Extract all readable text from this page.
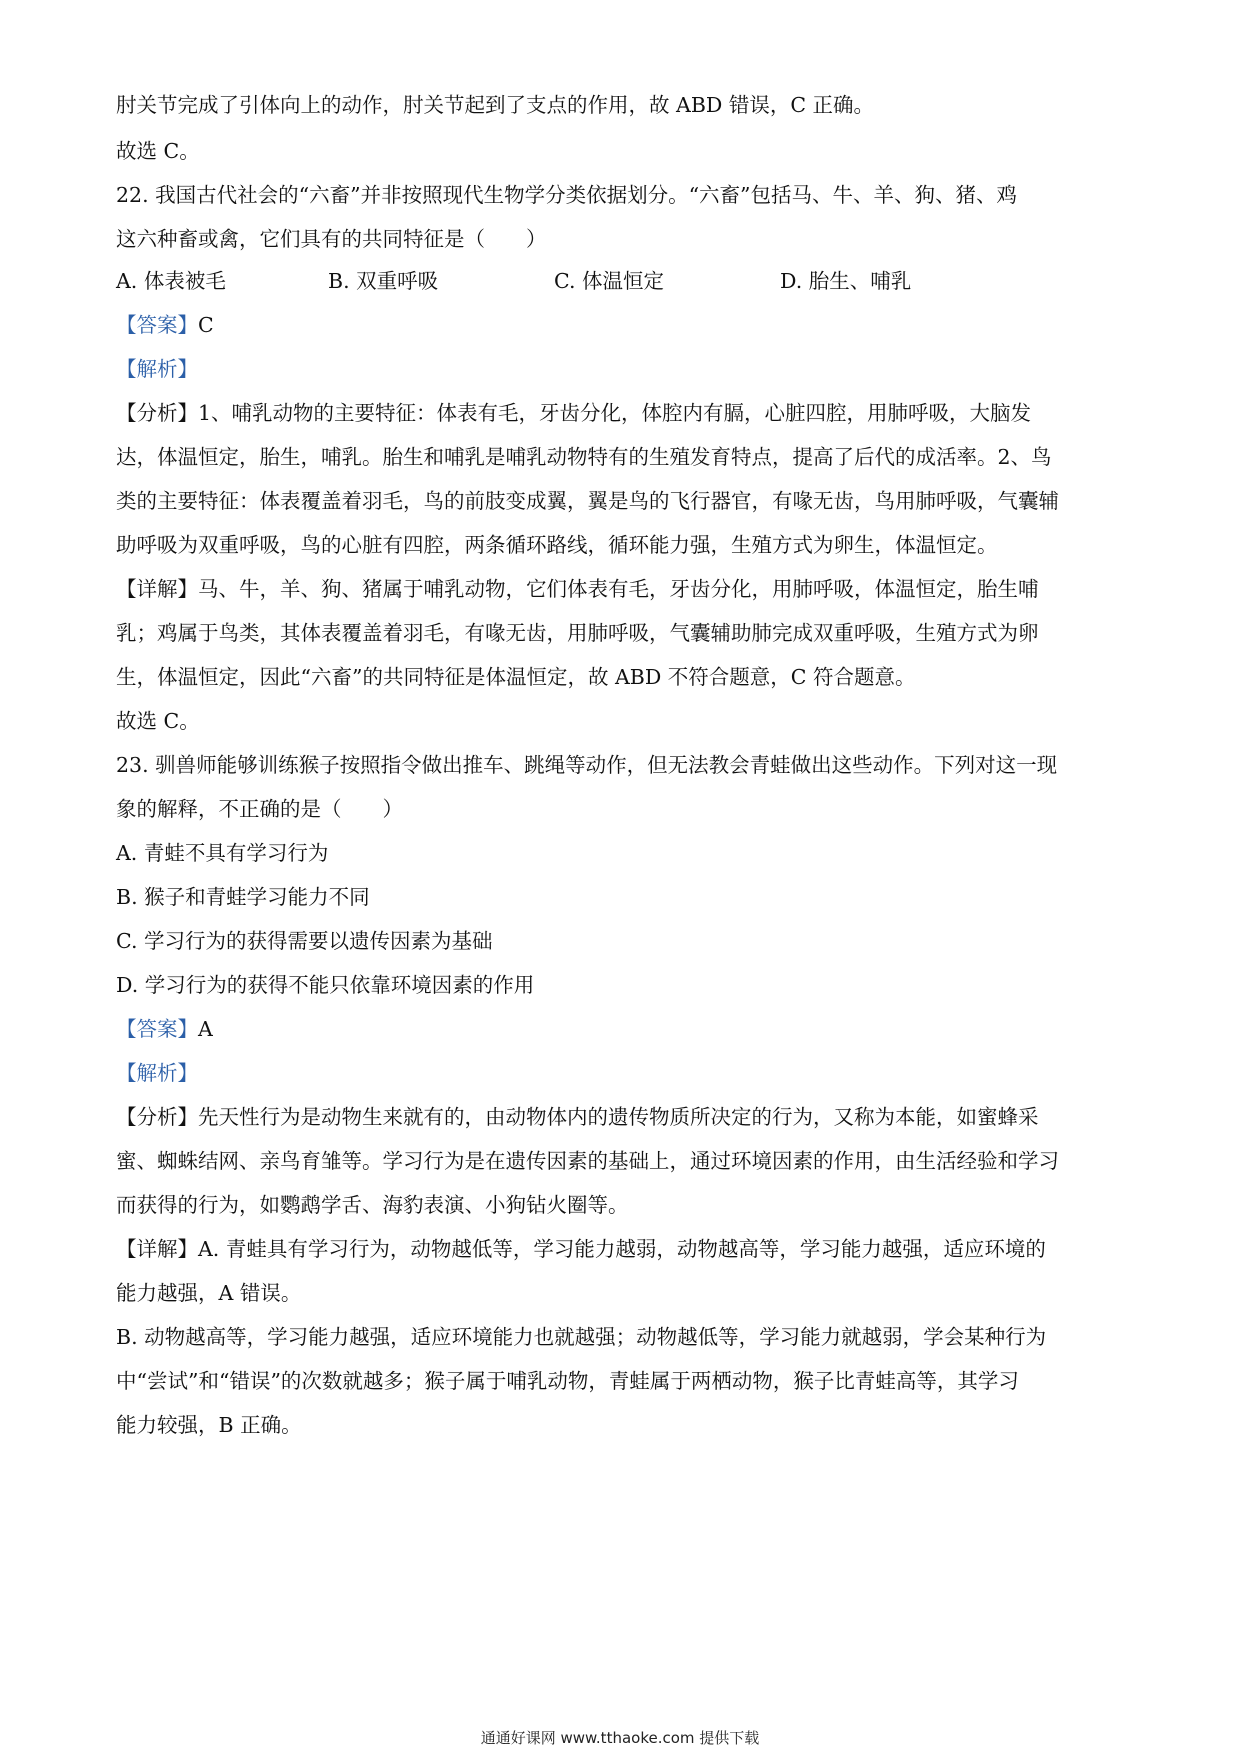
肘关节完成了引体向上的动作，肘关节起到了支点的作用，故 ABD 错误，C 正确。
故选 C。
22. 我国古代社会的“六畜”并非按照现代生物学分类依据划分。“六畜”包括马、牛、羊、狗、猪、鸡
这六种畜或禽，它们具有的共同特征是（　　）
A. 体表被毛	B. 双重呼吸	C. 体温恒定	D. 胎生、哺乳
【答案】C
【解析】
【分析】1、哺乳动物的主要特征：体表有毛，牙齿分化，体腔内有膈，心脏四腔，用肺呼吸，大脑发
达，体温恒定，胎生，哺乳。胎生和哺乳是哺乳动物特有的生殖发育特点，提高了后代的成活率。2、鸟
类的主要特征：体表覆盖着羽毛，鸟的前肢变成翼，翼是鸟的飞行器官，有喙无齿，鸟用肺呼吸，气囊辅
助呼吸为双重呼吸，鸟的心脏有四腔，两条循环路线，循环能力强，生殖方式为卵生，体温恒定。
【详解】马、牛，羊、狗、猪属于哺乳动物，它们体表有毛，牙齿分化，用肺呼吸，体温恒定，胎生哺
乳；鸡属于鸟类，其体表覆盖着羽毛，有喙无齿，用肺呼吸，气囊辅助肺完成双重呼吸，生殖方式为卵
生，体温恒定，因此“六畜”的共同特征是体温恒定，故 ABD 不符合题意，C 符合题意。
故选 C。
23. 驯兽师能够训练猴子按照指令做出推车、跳绳等动作，但无法教会青蛙做出这些动作。下列对这一现
象的解释，不正确的是（　　）
A. 青蛙不具有学习行为
B. 猴子和青蛙学习能力不同
C. 学习行为的获得需要以遗传因素为基础
D. 学习行为的获得不能只依靠环境因素的作用
【答案】A
【解析】
【分析】先天性行为是动物生来就有的，由动物体内的遗传物质所决定的行为，又称为本能，如蜜蜂采
蜜、蜘蛛结网、亲鸟育雏等。学习行为是在遗传因素的基础上，通过环境因素的作用，由生活经验和学习
而获得的行为，如鹦鹉学舌、海豹表演、小狗钻火圈等。
【详解】A. 青蛙具有学习行为，动物越低等，学习能力越弱，动物越高等，学习能力越强，适应环境的
能力越强，A 错误。
B. 动物越高等，学习能力越强，适应环境能力也就越强；动物越低等，学习能力就越弱，学会某种行为
中“尝试”和“错误”的次数就越多；猴子属于哺乳动物，青蛙属于两栖动物，猴子比青蛙高等，其学习
能力较强，B 正确。
通通好课网 www.tthaoke.com 提供下载
